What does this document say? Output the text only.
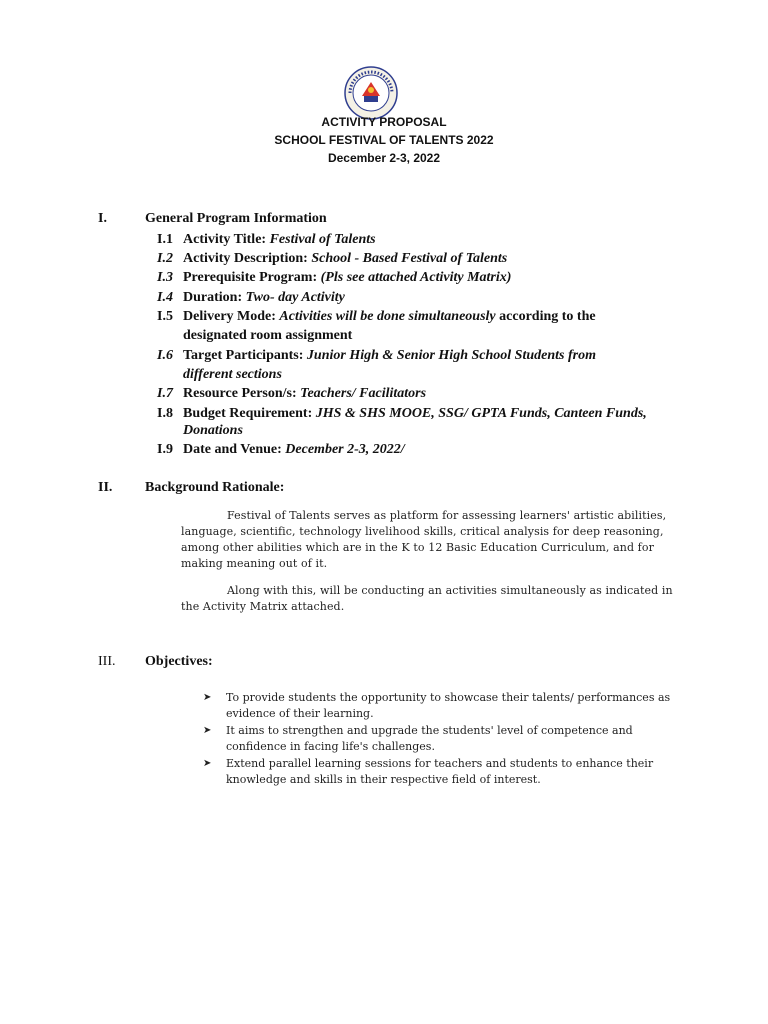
ACTIVITY PROPOSAL
SCHOOL FESTIVAL OF TALENTS 2022
December 2-3, 2022
I.	General Program Information
I.1 Activity Title: Festival of Talents
I.2 Activity Description: School - Based Festival of Talents
I.3 Prerequisite Program: (Pls see attached Activity Matrix)
I.4 Duration: Two- day Activity
I.5 Delivery Mode: Activities will be done simultaneously according to the
designated room assignment
I.6 Target Participants: Junior High & Senior High School Students from
different sections
I.7 Resource Person/s: Teachers/ Facilitators
I.8 Budget Requirement: JHS & SHS MOOE, SSG/ GPTA Funds, Canteen Funds,
Donations
I.9 Date and Venue: December 2-3, 2022/
II. Background Rationale:
Festival of Talents serves as platform for assessing learners' artistic abilities, language, scientific, technology livelihood skills, critical analysis for deep reasoning, among other abilities which are in the K to 12 Basic Education Curriculum, and for making meaning out of it.
Along with this, will be conducting an activities simultaneously as indicated in the Activity Matrix attached.
III. Objectives:
➤	To provide students the opportunity to showcase their talents/ performances as evidence of their learning.
➤	It aims to strengthen and upgrade the students' level of competence and confidence in facing life's challenges.
➤	Extend parallel learning sessions for teachers and students to enhance their knowledge and skills in their respective field of interest.
